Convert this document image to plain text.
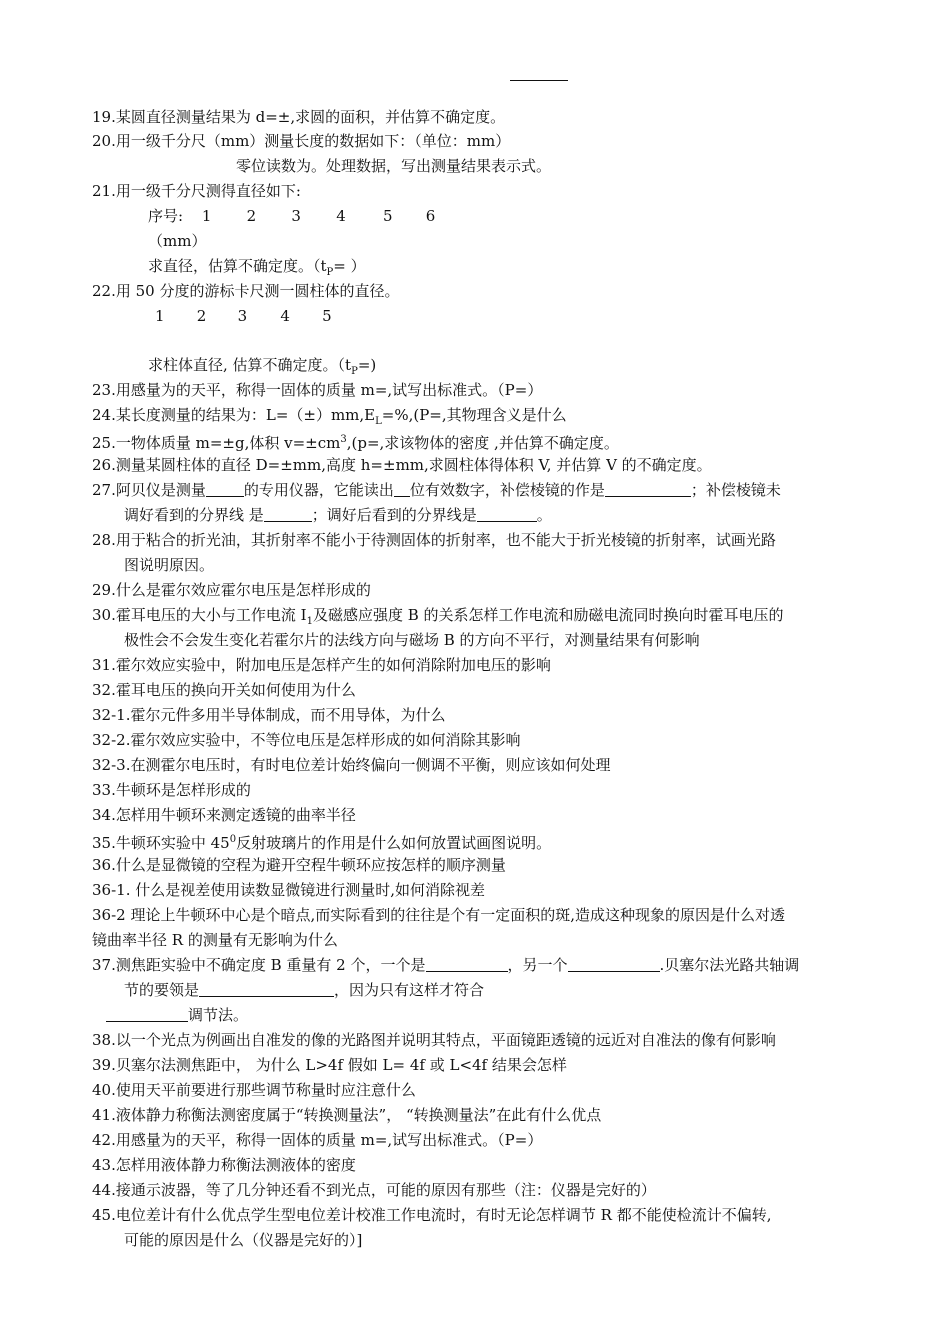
19.某圆直径测量结果为 d=±,求圆的面积，并估算不确定度。
20.用一级千分尺（mm）测量长度的数据如下：（单位：mm）
零位读数为。处理数据，写出测量结果表示式。
21.用一级千分尺测得直径如下:
序号: 1 2 3 4 5 6
（mm）
求直径，估算不确定度。（$t_P=$ ）
22.用 50 分度的游标卡尺测一圆柱体的直径。
1 2 3 4 5
求柱体直径, 估算不确定度。$(t_P=)$
23.用感量为的天平，称得一固体的质量 m=,试写出标准式。（P=）
24.某长度测量的结果为：$L=(\pm)mm,E_L=\%,(P=$,其物理含义是什么
25.一物体质量 m=±g,体积 $v=\pm cm^3,(p=$,求该物体的密度 ,并估算不确定度。
26.测量某圆柱体的直径 D=±mm,高度 h=±mm,求圆柱体得体积 V, 并估算 V 的不确定度。
27.阿贝仪是测量	的专用仪器，它能读出 位有效数字，补偿棱镜的作是	；补偿棱镜未
调好看到的分界线 是	；调好后看到的分界线是	。
28.用于粘合的折光油，其折射率不能小于待测固体的折射率，也不能大于折光棱镜的折射率，试画光路
图说明原因。
29.什么是霍尔效应霍尔电压是怎样形成的
30.霍耳电压的大小与工作电流 $I_1$及磁感应强度 B 的关系怎样工作电流和励磁电流同时换向时霍耳电压的
极性会不会发生变化若霍尔片的法线方向与磁场 B 的方向不平行，对测量结果有何影响
31.霍尔效应实验中，附加电压是怎样产生的如何消除附加电压的影响
32.霍耳电压的换向开关如何使用为什么
32-1.霍尔元件多用半导体制成，而不用导体，为什么
32-2.霍尔效应实验中，不等位电压是怎样形成的如何消除其影响
32-3.在测霍尔电压时，有时电位差计始终偏向一侧调不平衡，则应该如何处理
33.牛顿环是怎样形成的
34.怎样用牛顿环来测定透镜的曲率半径
35.牛顿环实验中 $45^0$反射玻璃片的作用是什么如何放置试画图说明。
36.什么是显微镜的空程为避开空程牛顿环应按怎样的顺序测量
36-1. 什么是视差使用读数显微镜进行测量时,如何消除视差
36-2 理论上牛顿环中心是个暗点,而实际看到的往往是个有一定面积的斑,造成这种现象的原因是什么对透
镜曲率半径 R 的测量有无影响为什么
37.测焦距实验中不确定度 B 重量有 2 个，一个是	，另一个	.贝塞尔法光路共轴调
节的要领是	，因为只有这样才符合
调节法。
38.以一个光点为例画出自准发的像的光路图并说明其特点，平面镜距透镜的远近对自准法的像有何影响
39.贝塞尔法测焦距中， 为什么 L>4f 假如 L= 4f 或 L<4f 结果会怎样
40.使用天平前要进行那些调节称量时应注意什么
41.液体静力称衡法测密度属于“转换测量法”， “转换测量法”在此有什么优点
42.用感量为的天平，称得一固体的质量 m=,试写出标准式。（P=）
43.怎样用液体静力称衡法测液体的密度
44.接通示波器，等了几分钟还看不到光点，可能的原因有那些（注：仪器是完好的）
45.电位差计有什么优点学生型电位差计校准工作电流时，有时无论怎样调节 R 都不能使检流计不偏转,
可能的原因是什么（仪器是完好的）]
